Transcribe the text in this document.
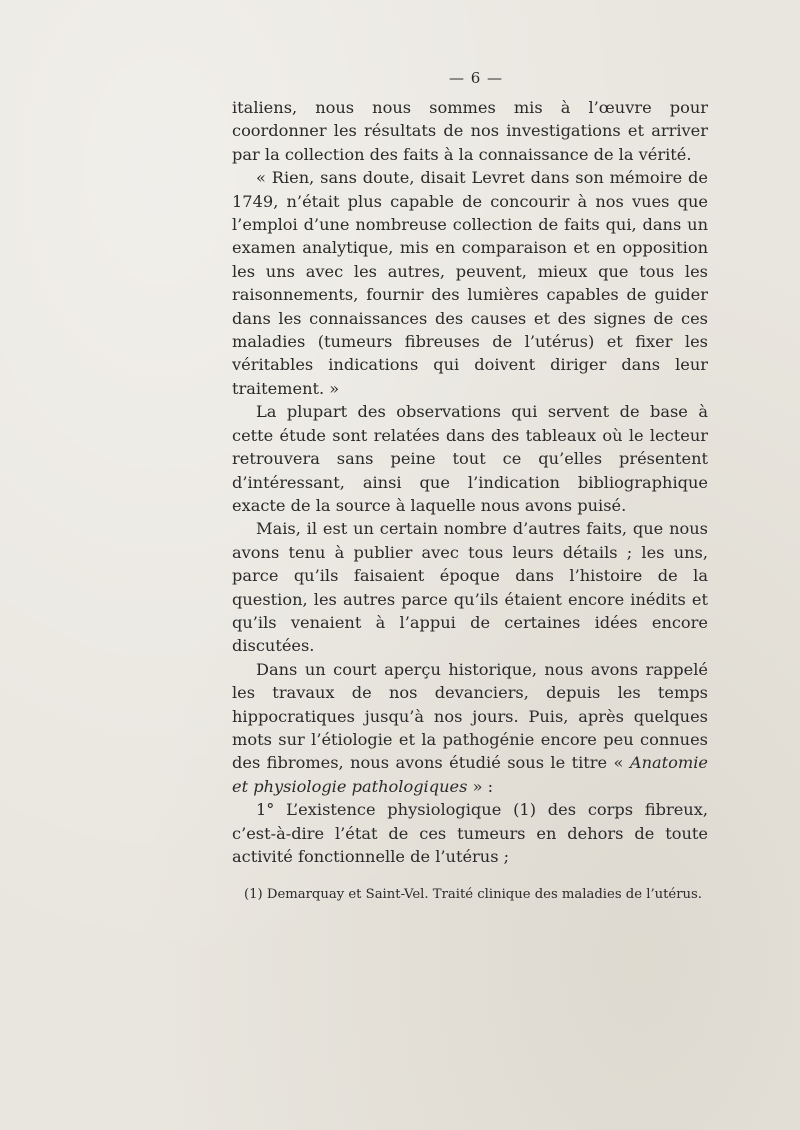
— 6 —

italiens, nous nous sommes mis à l’œuvre pour coordonner les résultats de nos investigations et arriver par la collection des faits à la connaissance de la vérité.

« Rien, sans doute, disait Levret dans son mémoire de 1749, n’était plus capable de concourir à nos vues que l’emploi d’une nombreuse collection de faits qui, dans un examen analytique, mis en comparaison et en opposition les uns avec les autres, peuvent, mieux que tous les raisonnements, fournir des lumières capables de guider dans les connaissances des causes et des signes de ces maladies (tumeurs fibreuses de l’utérus) et fixer les véritables indications qui doivent diriger dans leur traitement. »

La plupart des observations qui servent de base à cette étude sont relatées dans des tableaux où le lecteur retrouvera sans peine tout ce qu’elles présentent d’intéressant, ainsi que l’indication bibliographique exacte de la source à laquelle nous avons puisé.

Mais, il est un certain nombre d’autres faits, que nous avons tenu à publier avec tous leurs détails ; les uns, parce qu’ils faisaient époque dans l’histoire de la question, les autres parce qu’ils étaient encore inédits et qu’ils venaient à l’appui de certaines idées encore discutées.

Dans un court aperçu historique, nous avons rappelé les travaux de nos devanciers, depuis les temps hippocratiques jusqu’à nos jours. Puis, après quelques mots sur l’étiologie et la pathogénie encore peu connues des fibromes, nous avons étudié sous le titre « Anatomie et physiologie pathologiques » :

1° L’existence physiologique (1) des corps fibreux, c’est-à-dire l’état de ces tumeurs en dehors de toute activité fonctionnelle de l’utérus ;

(1) Demarquay et Saint-Vel. Traité clinique des maladies de l’utérus.
